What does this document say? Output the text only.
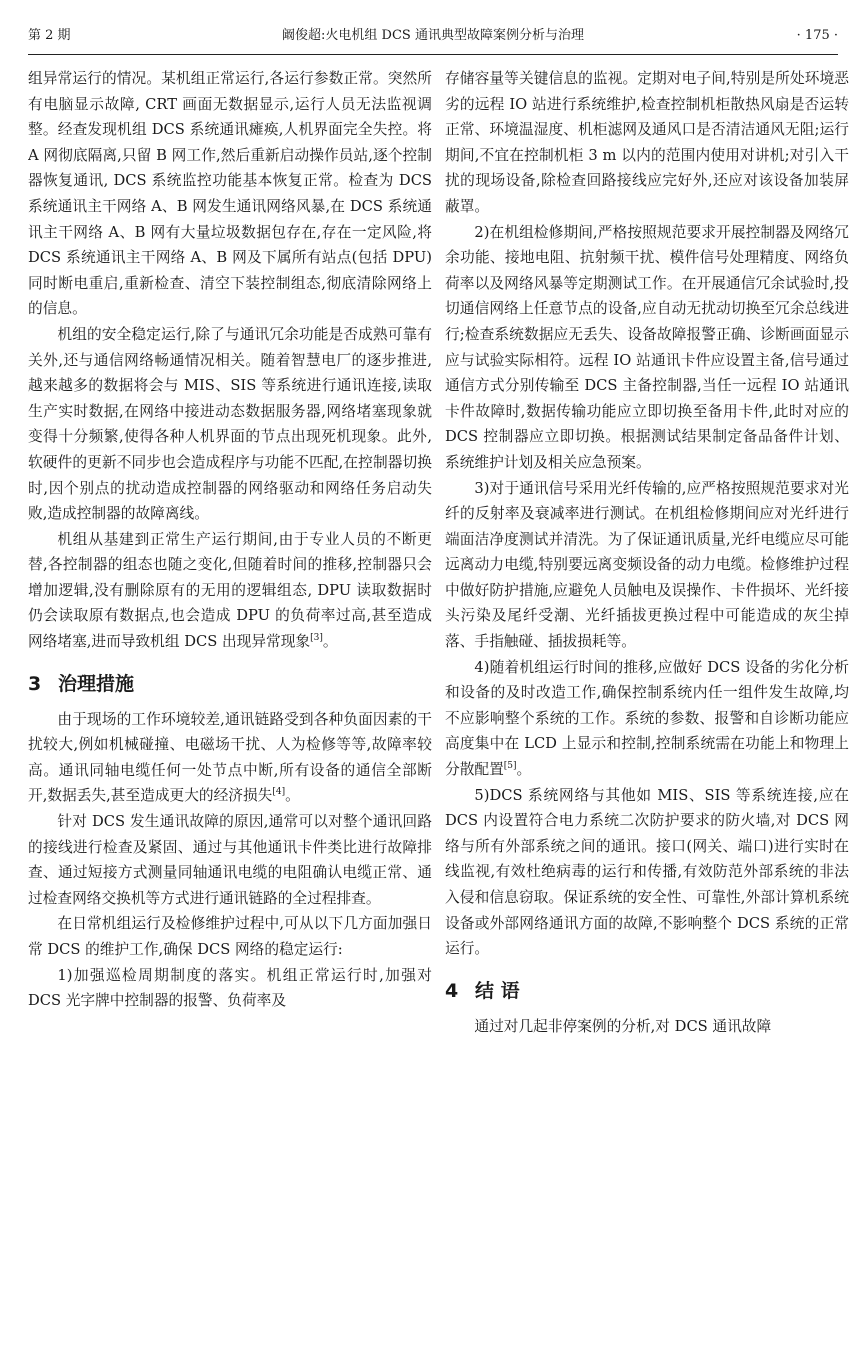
第 2 期	阚俊超:火电机组 DCS 通讯典型故障案例分析与治理	· 175 ·

组异常运行的情况。某机组正常运行,各运行参数正常。突然所有电脑显示故障, CRT 画面无数据显示,运行人员无法监视调整。经查发现机组 DCS 系统通讯瘫痪,人机界面完全失控。将 A 网彻底隔离,只留 B 网工作,然后重新启动操作员站,逐个控制器恢复通讯, DCS 系统监控功能基本恢复正常。检查为 DCS 系统通讯主干网络 A、B 网发生通讯网络风暴,在 DCS 系统通讯主干网络 A、B 网有大量垃圾数据包存在,存在一定风险,将 DCS 系统通讯主干网络 A、B 网及下属所有站点(包括 DPU)同时断电重启,重新检查、清空下装控制组态,彻底清除网络上的信息。

机组的安全稳定运行,除了与通讯冗余功能是否成熟可靠有关外,还与通信网络畅通情况相关。随着智慧电厂的逐步推进,越来越多的数据将会与 MIS、SIS 等系统进行通讯连接,读取生产实时数据,在网络中接进动态数据服务器,网络堵塞现象就变得十分频繁,使得各种人机界面的节点出现死机现象。此外,软硬件的更新不同步也会造成程序与功能不匹配,在控制器切换时,因个别点的扰动造成控制器的网络驱动和网络任务启动失败,造成控制器的故障离线。

机组从基建到正常生产运行期间,由于专业人员的不断更替,各控制器的组态也随之变化,但随着时间的推移,控制器只会增加逻辑,没有删除原有的无用的逻辑组态, DPU 读取数据时仍会读取原有数据点,也会造成 DPU 的负荷率过高,甚至造成网络堵塞,进而导致机组 DCS 出现异常现象[3]。

3 治理措施

由于现场的工作环境较差,通讯链路受到各种负面因素的干扰较大,例如机械碰撞、电磁场干扰、人为检修等等,故障率较高。通讯同轴电缆任何一处节点中断,所有设备的通信全部断开,数据丢失,甚至造成更大的经济损失[4]。

针对 DCS 发生通讯故障的原因,通常可以对整个通讯回路的接线进行检查及紧固、通过与其他通讯卡件类比进行故障排查、通过短接方式测量同轴通讯电缆的电阻确认电缆正常、通过检查网络交换机等方式进行通讯链路的全过程排查。

在日常机组运行及检修维护过程中,可从以下几方面加强日常 DCS 的维护工作,确保 DCS 网络的稳定运行:

1)加强巡检周期制度的落实。机组正常运行时,加强对 DCS 光字牌中控制器的报警、负荷率及

存储容量等关键信息的监视。定期对电子间,特别是所处环境恶劣的远程 IO 站进行系统维护,检查控制机柜散热风扇是否运转正常、环境温湿度、机柜滤网及通风口是否清洁通风无阻;运行期间,不宜在控制机柜 3 m 以内的范围内使用对讲机;对引入干扰的现场设备,除检查回路接线应完好外,还应对该设备加装屏蔽罩。

2)在机组检修期间,严格按照规范要求开展控制器及网络冗余功能、接地电阻、抗射频干扰、模件信号处理精度、网络负荷率以及网络风暴等定期测试工作。在开展通信冗余试验时,投切通信网络上任意节点的设备,应自动无扰动切换至冗余总线进行;检查系统数据应无丢失、设备故障报警正确、诊断画面显示应与试验实际相符。远程 IO 站通讯卡件应设置主备,信号通过通信方式分别传输至 DCS 主备控制器,当任一远程 IO 站通讯卡件故障时,数据传输功能应立即切换至备用卡件,此时对应的 DCS 控制器应立即切换。根据测试结果制定备品备件计划、系统维护计划及相关应急预案。

3)对于通讯信号采用光纤传输的,应严格按照规范要求对光纤的反射率及衰减率进行测试。在机组检修期间应对光纤进行端面洁净度测试并清洗。为了保证通讯质量,光纤电缆应尽可能远离动力电缆,特别要远离变频设备的动力电缆。检修维护过程中做好防护措施,应避免人员触电及误操作、卡件损坏、光纤接头污染及尾纤受潮、光纤插拔更换过程中可能造成的灰尘掉落、手指触碰、插拔损耗等。

4)随着机组运行时间的推移,应做好 DCS 设备的劣化分析和设备的及时改造工作,确保控制系统内任一组件发生故障,均不应影响整个系统的工作。系统的参数、报警和自诊断功能应高度集中在 LCD 上显示和控制,控制系统需在功能上和物理上分散配置[5]。

5)DCS 系统网络与其他如 MIS、SIS 等系统连接,应在 DCS 内设置符合电力系统二次防护要求的防火墙,对 DCS 网络与所有外部系统之间的通讯。接口(网关、端口)进行实时在线监视,有效杜绝病毒的运行和传播,有效防范外部系统的非法入侵和信息窃取。保证系统的安全性、可靠性,外部计算机系统设备或外部网络通讯方面的故障,不影响整个 DCS 系统的正常运行。

4 结 语

通过对几起非停案例的分析,对 DCS 通讯故障
